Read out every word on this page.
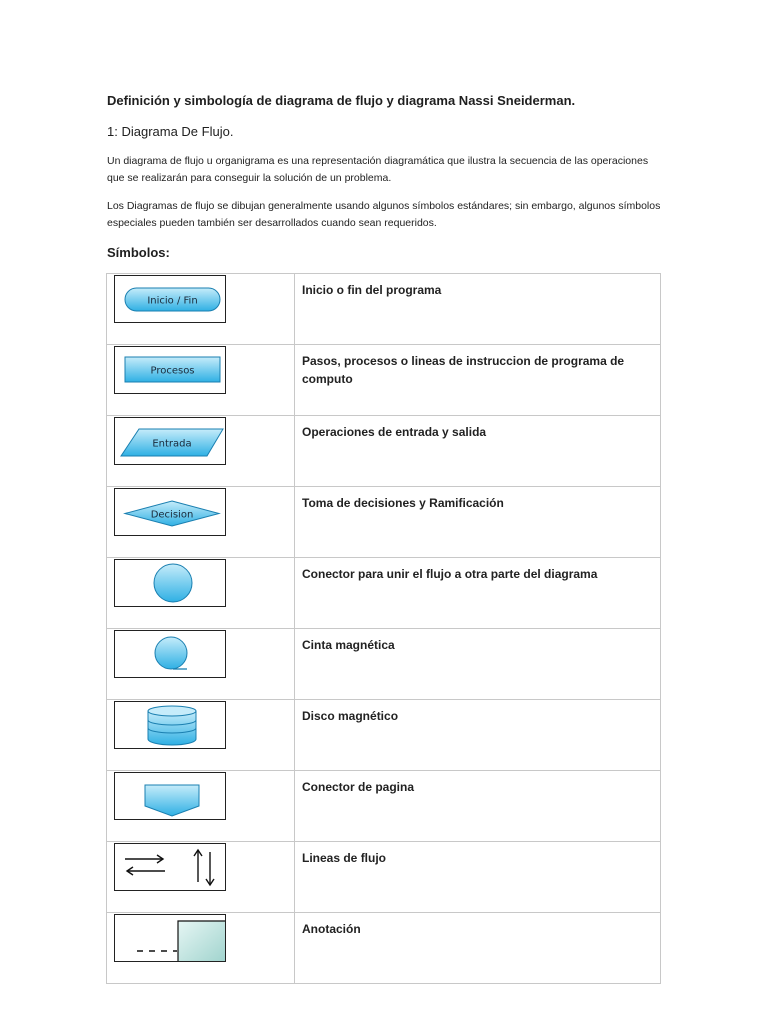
Definición y simbología de diagrama de flujo y diagrama Nassi Sneiderman.
1: Diagrama De Flujo.
Un diagrama de flujo u organigrama es una representación diagramática que ilustra la secuencia de las operaciones que se realizarán para conseguir la solución de un problema.
Los Diagramas de flujo se dibujan generalmente usando algunos símbolos estándares; sin embargo, algunos símbolos especiales pueden también ser desarrollados cuando sean requeridos.
Símbolos:
Inicio / Fin	Inicio o fin del programa

Procesos	Pasos, procesos o lineas de instruccion de programa de computo

Entrada	Operaciones de entrada y salida

Decision	Toma de decisiones y Ramificación

	Conector para unir el flujo a otra parte del diagrama

	Cinta magnética

	Disco magnético

	Conector de pagina

	Lineas de flujo

	Anotación
